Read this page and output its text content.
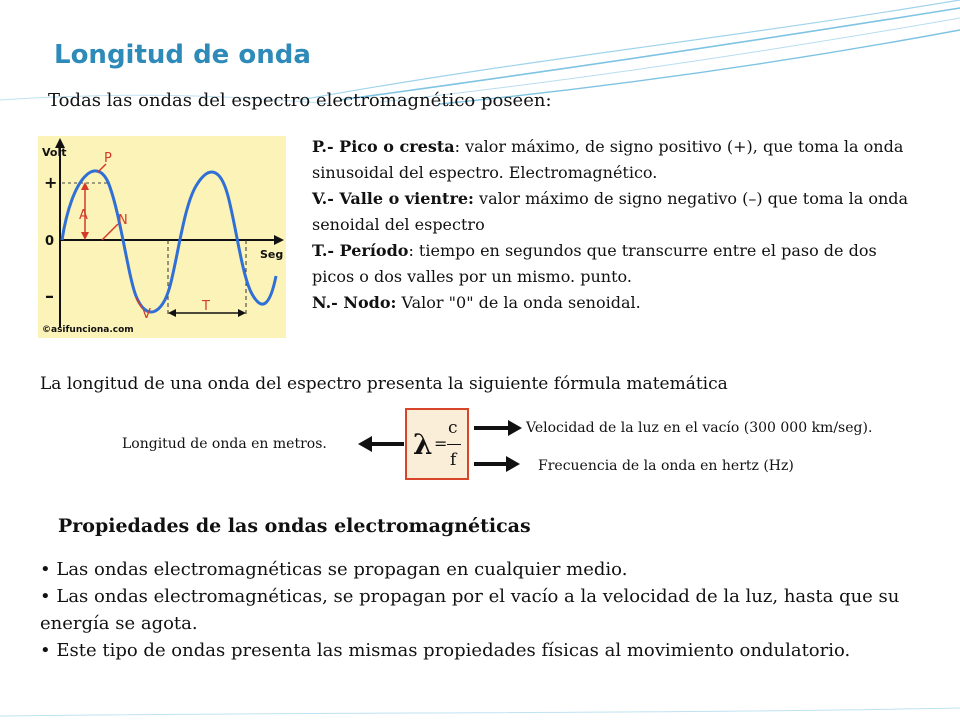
Longitud de onda
Todas las ondas del espectro electromagnético poseen:
Volt
Seg
+
0
–
P
A N
V
T
©asifunciona.com

P.- Pico o cresta: valor máximo, de signo positivo (+), que toma la onda sinusoidal del espectro. Electromagnético.

V.- Valle o vientre: valor máximo de signo negativo (–) que toma la onda senoidal del espectro

T.- Período: tiempo en segundos que transcurre entre el paso de dos picos o dos valles por un mismo. punto.

N.- Nodo: Valor "0" de la onda senoidal.

La longitud de una onda del espectro presenta la siguiente fórmula matemática
λ =
c
f
Longitud de onda en metros.
Velocidad de la luz en el vacío (300 000 km/seg).
Frecuencia de la onda en hertz (Hz)
Propiedades de las ondas electromagnéticas

• Las ondas electromagnéticas se propagan en cualquier medio.

• Las ondas electromagnéticas, se propagan por el vacío a la velocidad de la luz, hasta que su energía se agota.

• Este tipo de ondas presenta las mismas propiedades físicas al movimiento ondulatorio.
